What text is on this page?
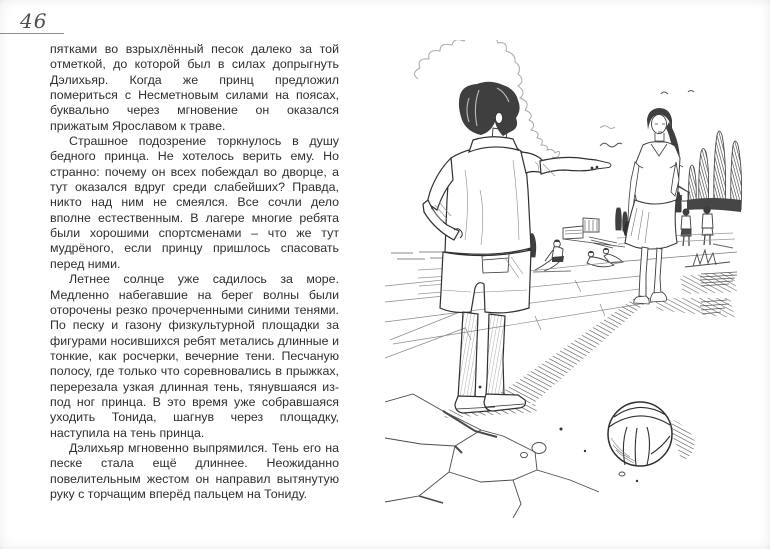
46

пятками во взрыхлённый песок далеко за той отметкой, до которой был в силах допрыгнуть Дэлихьяр. Когда же принц предложил помериться с Несметновым силами на поясах, буквально через мгновение он оказался прижатым Ярославом к траве.

Страшное подозрение торкнулось в душу бедного принца. Не хотелось верить ему. Но странно: почему он всех побеждал во дворце, а тут оказался вдруг среди слабейших? Правда, никто над ним не смеялся. Все сочли дело вполне естественным. В лагере многие ребята были хорошими спортсменами – что же тут мудрёного, если принцу пришлось спасовать перед ними.

Летнее солнце уже садилось за море. Медленно набегавшие на берег волны были оторочены резко прочерченными синими тенями. По песку и газону физкультурной площадки за фигурами носившихся ребят метались длинные и тонкие, как росчерки, вечерние тени. Песчаную полосу, где только что соревновались в прыжках, перерезала узкая длинная тень, тянувшаяся из-под ног принца. В это время уже собравшаяся уходить Тонида, шагнув через площадку, наступила на тень принца.

Дэлихьяр мгновенно выпрямился. Тень его на песке стала ещё длиннее. Неожиданно повелительным жестом он направил вытянутую руку с торчащим вперёд пальцем на Тониду.
